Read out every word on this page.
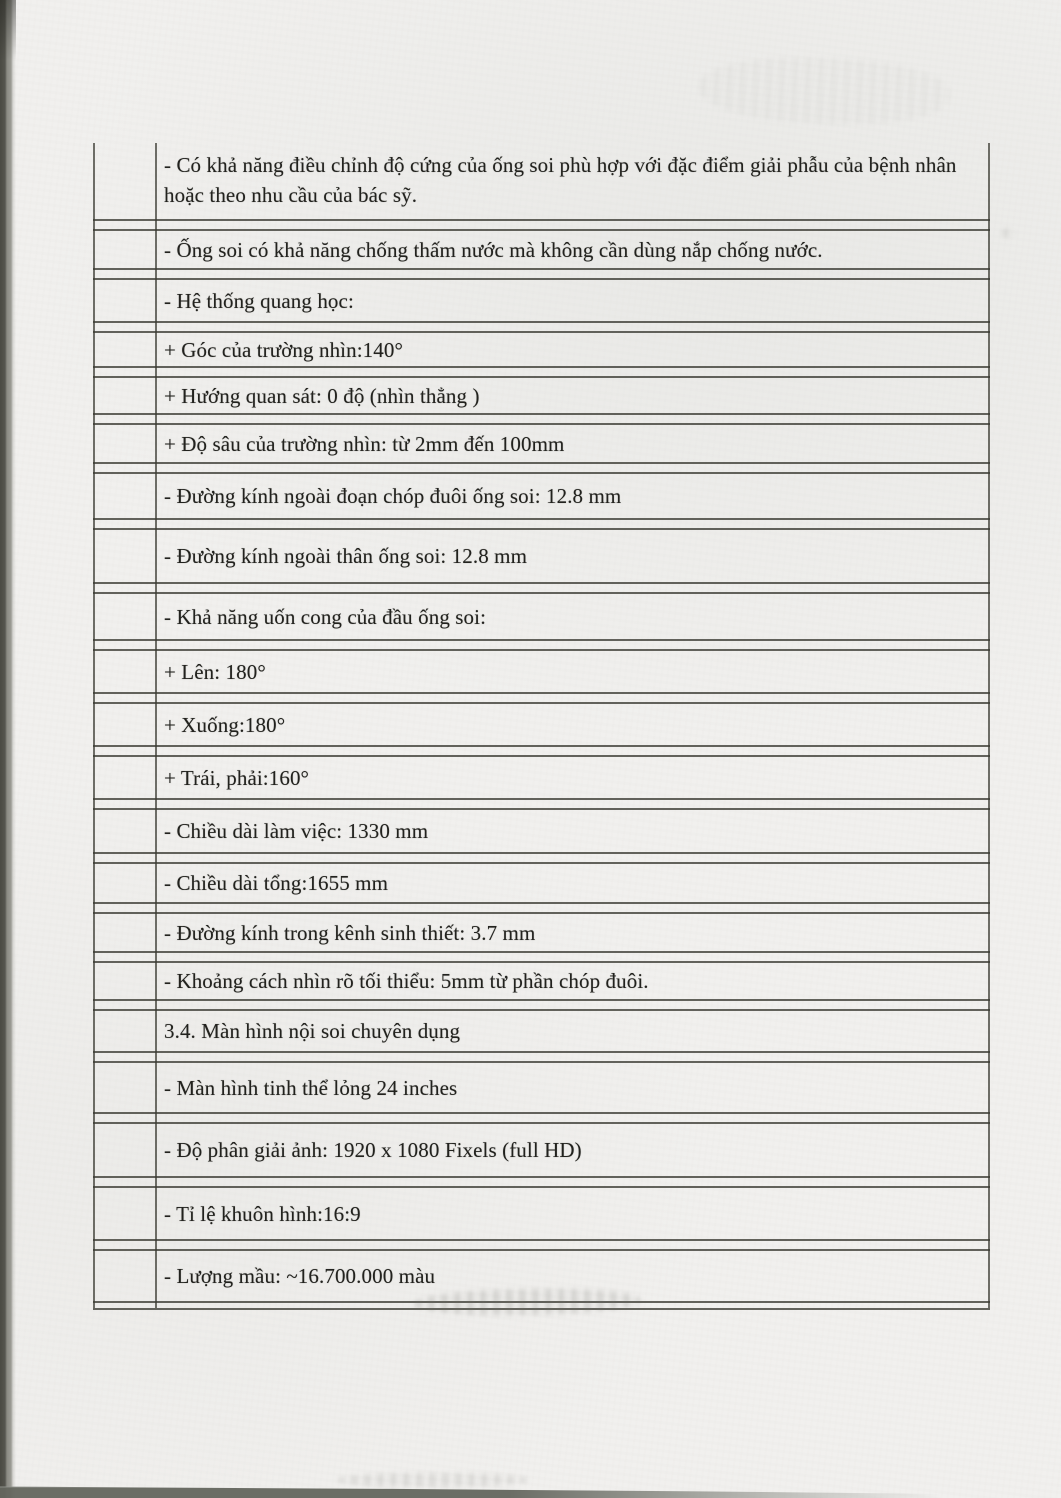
- Có khả năng điều chỉnh độ cứng của ống soi phù hợp với đặc điểm giải phẫu của bệnh nhân hoặc theo nhu cầu của bác sỹ.
- Ống soi có khả năng chống thấm nước mà không cần dùng nắp chống nước.
- Hệ thống quang học:
+ Góc của trường nhìn:140°
+ Hướng quan sát: 0 độ (nhìn thẳng )
+ Độ sâu của trường nhìn: từ 2mm đến 100mm
- Đường kính ngoài đoạn chóp đuôi ống soi: 12.8 mm
- Đường kính ngoài thân ống soi: 12.8 mm
- Khả năng uốn cong của đầu ống soi:
+ Lên: 180°
+ Xuống:180°
+ Trái, phải:160°
- Chiều dài làm việc: 1330 mm
- Chiều dài tổng:1655 mm
- Đường kính trong kênh sinh thiết: 3.7 mm
- Khoảng cách nhìn rõ tối thiểu: 5mm từ phần chóp đuôi.
3.4. Màn hình nội soi chuyên dụng
- Màn hình tinh thể lỏng 24 inches
- Độ phân giải ảnh: 1920 x 1080 Fixels (full HD)
- Tỉ lệ khuôn hình:16:9
- Lượng mầu: ~16.700.000 màu
